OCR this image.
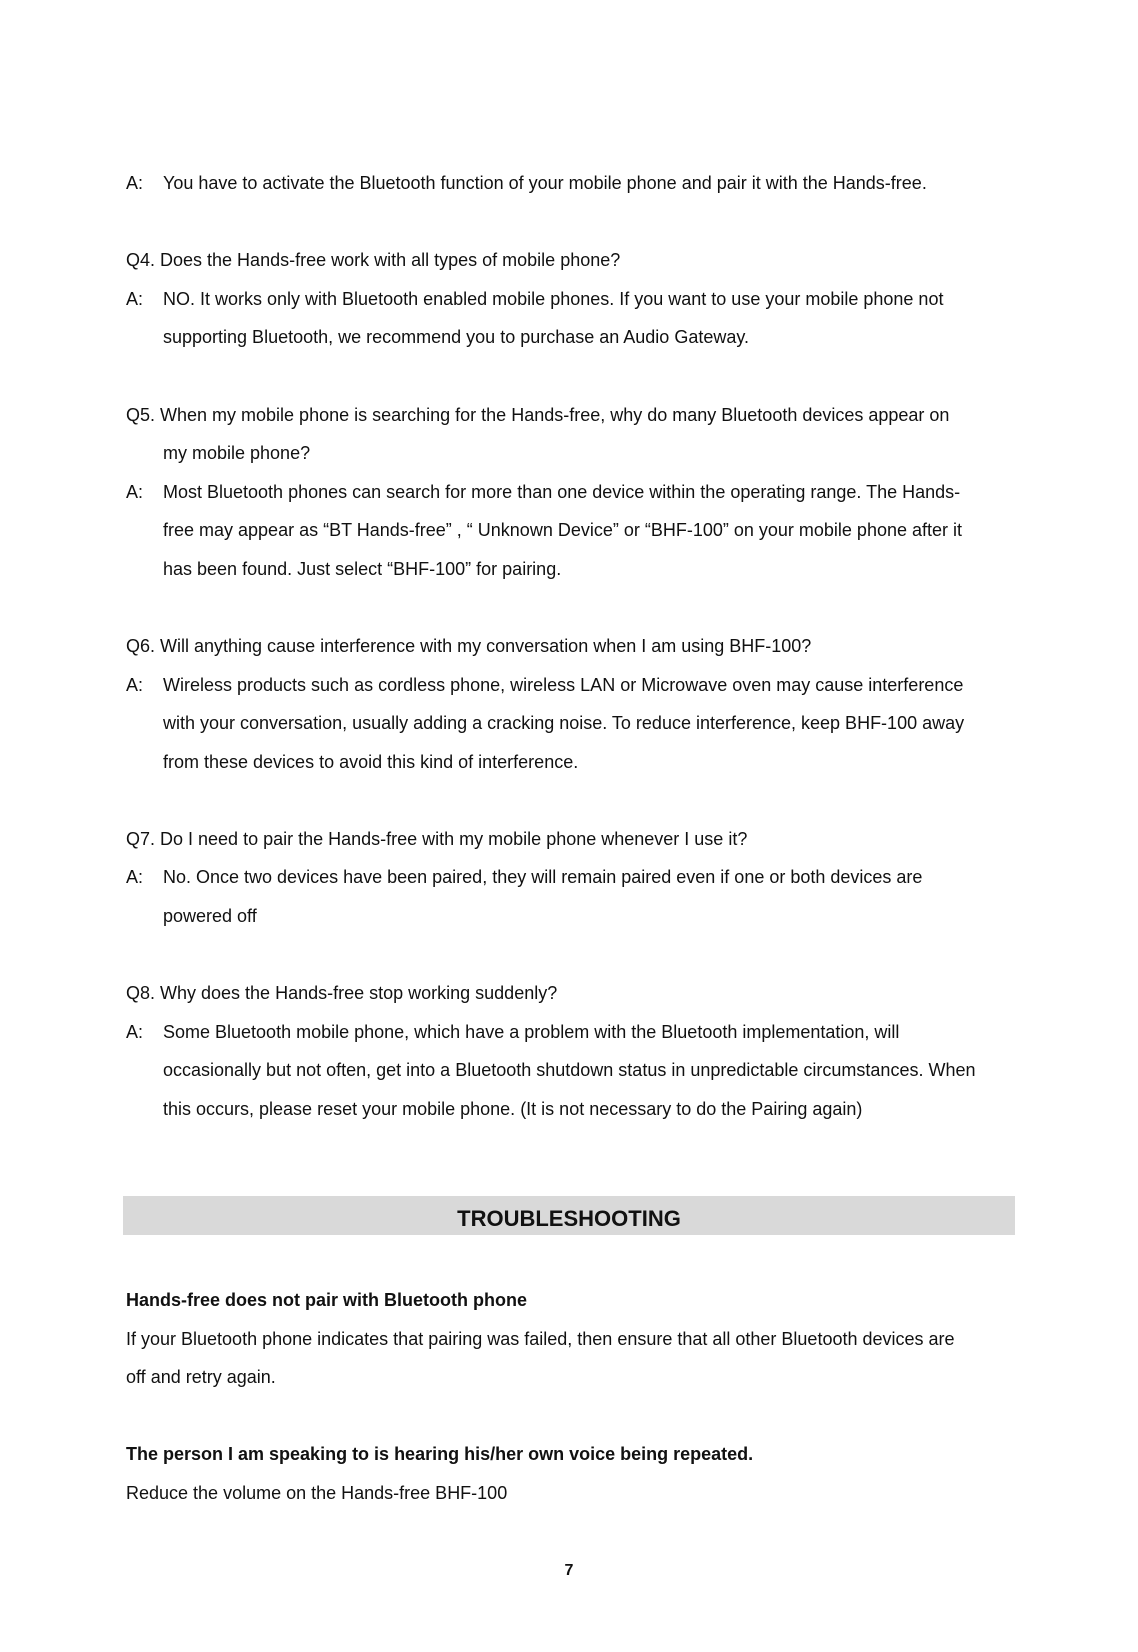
A: You have to activate the Bluetooth function of your mobile phone and pair it with the Hands-free.

Q4. Does the Hands-free work with all types of mobile phone?

A: NO. It works only with Bluetooth enabled mobile phones. If you want to use your mobile phone not

supporting Bluetooth, we recommend you to purchase an Audio Gateway.

Q5. When my mobile phone is searching for the Hands-free, why do many Bluetooth devices appear on

my mobile phone?

A: Most Bluetooth phones can search for more than one device within the operating range. The Hands-

free may appear as “BT Hands-free” , “ Unknown Device” or “BHF-100” on your mobile phone after it

has been found. Just select “BHF-100” for pairing.

Q6. Will anything cause interference with my conversation when I am using BHF-100?

A: Wireless products such as cordless phone, wireless LAN or Microwave oven may cause interference

with your conversation, usually adding a cracking noise. To reduce interference, keep BHF-100 away

from these devices to avoid this kind of interference.

Q7. Do I need to pair the Hands-free with my mobile phone whenever I use it?

A: No. Once two devices have been paired, they will remain paired even if one or both devices are

powered off

Q8. Why does the Hands-free stop working suddenly?

A: Some Bluetooth mobile phone, which have a problem with the Bluetooth implementation, will

occasionally but not often, get into a Bluetooth shutdown status in unpredictable circumstances. When

this occurs, please reset your mobile phone. (It is not necessary to do the Pairing again)

TROUBLESHOOTING

Hands-free does not pair with Bluetooth phone

If your Bluetooth phone indicates that pairing was failed, then ensure that all other Bluetooth devices are

off and retry again.

The person I am speaking to is hearing his/her own voice being repeated.

Reduce the volume on the Hands-free BHF-100

7
